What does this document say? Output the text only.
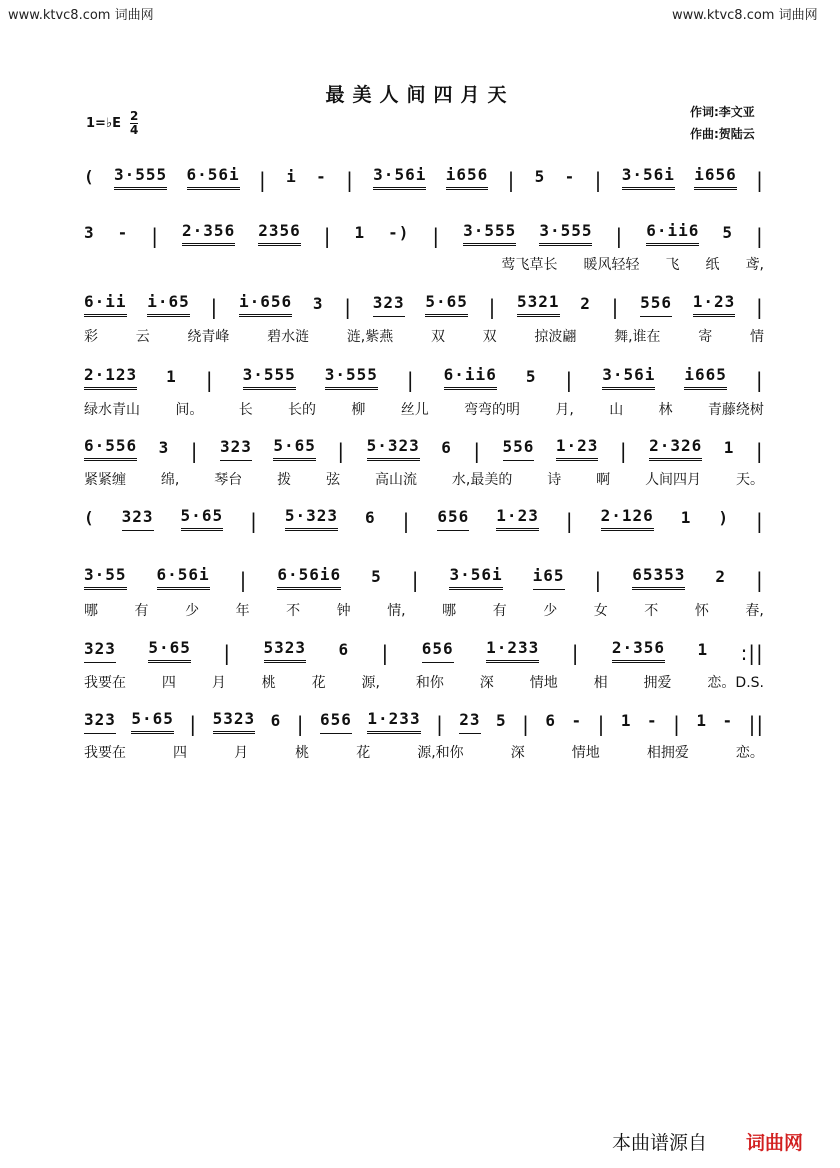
www.ktvc8.com 词曲网	www.ktvc8.com 词曲网
最美人间四月天
作词:李文亚
作曲:贺陆云
1=♭E $\frac{2}{4}$
( 3·555 6·56i | i - | 3·56i i656 | 5 - | 3·56i i656 |
3 - | 2·356 2356 | 1 -) | 3·555 3·555 | 6·ii6 5 |
莺飞草长 暖风轻轻 飞 纸 鸢,
6·ii i·65 | i·656 3 | 323 5·65 | 5321 2 | 556 1·23 |
彩	云	绕青峰	碧水涟	涟,紫燕	双	双	掠波翩	舞,谁在	寄	情
2·123 1 | 3·555 3·555 | 6·ii6 5 | 3·56i i665 |
绿水青山	间。	长	长的	柳	丝儿	弯弯的明	月,	山	林	青藤绕树
6·556 3 | 323 5·65 | 5·323 6 | 556 1·23 | 2·326 1 |
紧紧缠 绵, 琴台 拨 弦 高山流 水,最美的 诗 啊 人间四月 天。
( 323 5·65 | 5·323 6 | 656 1·23 | 2·126 1 ) |
3·55 6·56i | 6·56i6 5 | 3·56i i65 | 65353 2 |
哪	有	少	年	不	钟	情,	哪	有	少	女	不	怀	春,
323 5·65 | 5323 6 | 656 1·233 | 2·356 1 :||
我要在	四	月	桃	花	源,	和你	深	情地	相	拥爱	恋。D.S.
323 5·65 | 5323 6 | 656 1·233 | 23 5 | 6 - | 1 - | 1 - ||
我要在	四	月	桃	花	源,和你	深	情地	相拥爱	恋。
本曲谱源自 词曲网
